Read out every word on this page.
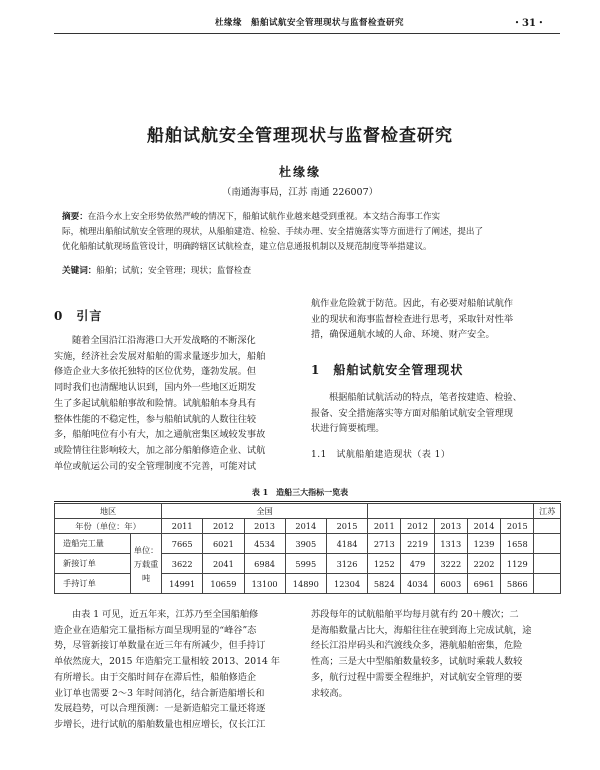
杜缘缘　船舶试航安全管理现状与监督检查研究	・31・
船舶试航安全管理现状与监督检查研究
杜缘缘
（南通海事局，江苏 南通 226007）
摘要：在沿今水上安全形势依然严峻的情况下，船舶试航作业越来越受到重视。本文结合海事工作实
际，梳理出船舶试航安全管理的现状，从船舶建造、检验、手续办理、安全措施落实等方面进行了阐述，提出了
优化船舶试航现场监管设计，明确跨辖区试航检查，建立信息通报机制以及规范制度等举措建议。
关键词：船舶；试航；安全管理；现状；监督检查
0　引言
随着全国沿江沿海港口大开发战略的不断深化
实施，经济社会发展对船舶的需求量逐步加大，船舶
修造企业大多依托独特的区位优势，蓬勃发展。但
同时我们也清醒地认识到，国内外一些地区近期发
生了多起试航船舶事故和险情。试航船舶本身具有
整体性能的不稳定性，参与船舶试航的人数往往较
多，船舶吨位有小有大，加之通航密集区域较发事故
或险情往往影响较大，加之部分船舶修造企业、试航
单位或航运公司的安全管理制度不完善，可能对试
航作业危险就于防范。因此，有必要对船舶试航作
业的现状和海事监督检查进行思考，采取针对性举
措，确保通航水域的人命、环境、财产安全。
1　船舶试航安全管理现状
根据船舶试航活动的特点，笔者按建造、检验、
报备、安全措施落实等方面对船舶试航安全管理现
状进行简要梳理。
1.1　试航船舶建造现状（表 1）
表 1　造船三大指标一览表
地区		全国										江苏
年份（单位：年）		2011	2012	2013	2014	2015	2011	2012	2013	2014	2015	
造船完工量	单位：万载重吨	7665	6021	4534	3905	4184	2713	2219	1313	1239	1658	
新接订单		3622	2041	6984	5995	3126	1252	479	3222	2202	1129	
手持订单		14991	10659	13100	14890	12304	5824	4034	6003	6961	5866	
由表 1 可见，近五年来，江苏乃至全国船舶修
造企业在造船完工量指标方面呈现明显的“峰谷”态
势，尽管新接订单数量在近三年有所减少，但手持订
单依然庞大，2015 年造船完工量相较 2013、2014 年
有所增长。由于交船时间存在滞后性，船舶修造企
业订单也需要 2～3 年时间消化，结合新造船增长和
发展趋势，可以合理预测：一是新造船完工量还将逐
步增长，进行试航的船舶数量也相应增长，仅长江江
苏段每年的试航船舶平均每月就有约 20＋艘次；二
是海船数量占比大，海船往往在驶到海上完成试航，途
经长江沿岸码头和汽渡线众多，港航船舶密集，危险
性高；三是大中型船舶数量较多，试航时乘载人数较
多，航行过程中需要全程维护，对试航安全管理的要
求较高。
